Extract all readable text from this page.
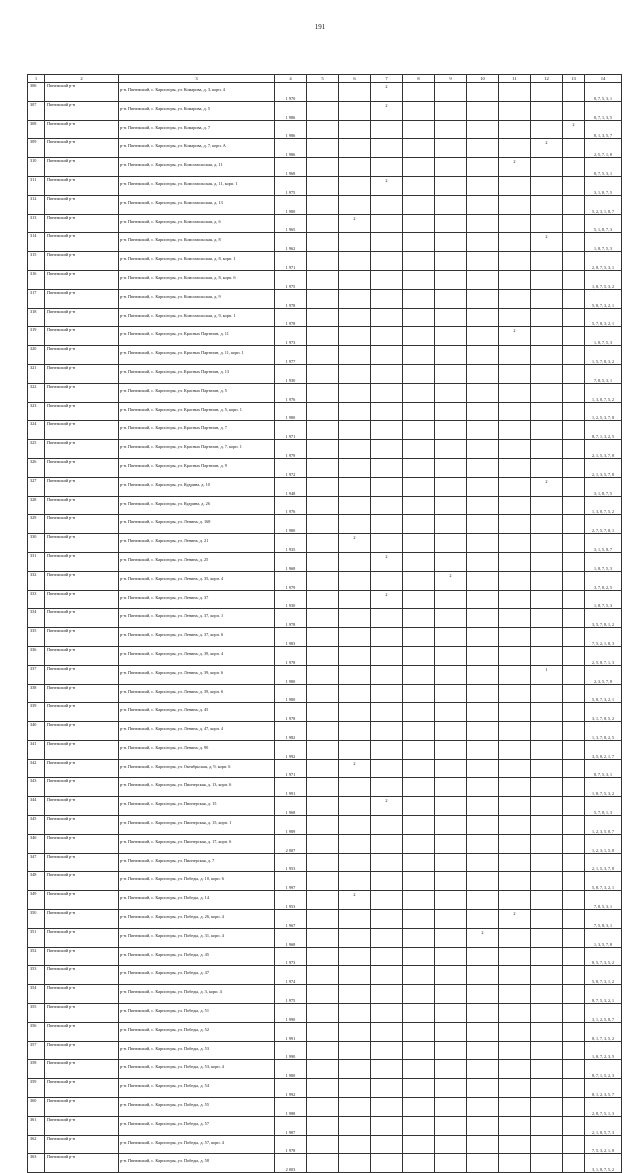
191
1	2	3	4	5	6	7	8	9	10	11	12	13	14
306	Пинежский р-н	р-н. Пинежский, с. Карпогоры, ул. Комарова, д. 3, корп. 4	1 970			2							8, 7, 5, 3, 1
307	Пинежский р-н	р-н. Пинежский, с. Карпогоры, ул. Комарова, д. 5	1 986			2							8, 7, 1, 3, 5
308	Пинежский р-н	р-н. Пинежский, с. Карпогоры, ул. Комарова, д. 7	1 986									2	8, 1, 3, 5, 7
309	Пинежский р-н	р-н. Пинежский, с. Карпогоры, ул. Комарова, д. 7, корп. А	1 986								2		2, 5, 7, 1, 8
310	Пинежский р-н	р-н. Пинежский, с. Карпогоры, ул. Комсомольская, д. 11	1 968							2			8, 7, 5, 3, 1
311	Пинежский р-н	р-н. Пинежский, с. Карпогоры, ул. Комсомольская, д. 11, корп. 1	1 975			2							3, 1, 8, 7, 5
312	Пинежский р-н	р-н. Пинежский, с. Карпогоры, ул. Комсомольская, д. 13	1 980										5, 2, 3, 1, 8, 7
313	Пинежский р-н	р-н. Пинежский, с. Карпогоры, ул. Комсомольская, д. 6	1 965		2								5, 1, 8, 7, 3
314	Пинежский р-н	р-н. Пинежский, с. Карпогоры, ул. Комсомольская, д. 8	1 962								2		1, 8, 7, 5, 3
315	Пинежский р-н	р-н. Пинежский, с. Карпогоры, ул. Комсомольская, д. 8, корп. 1	1 971										2, 8, 7, 5, 3, 1
316	Пинежский р-н	р-н. Пинежский, с. Карпогоры, ул. Комсомольская, д. 8, корп. 6	1 975										1, 8, 7, 5, 3, 2
317	Пинежский р-н	р-н. Пинежский, с. Карпогоры, ул. Комсомольская, д. 9	1 978										5, 8, 7, 3, 2, 1
318	Пинежский р-н	р-н. Пинежский, с. Карпогоры, ул. Комсомольская, д. 9, корп. 1	1 978										5, 7, 8, 3, 2, 1
319	Пинежский р-н	р-н. Пинежский, с. Карпогоры, ул. Красных Партизан, д. 11	1 973							2			1, 8, 7, 5, 3
320	Пинежский р-н	р-н. Пинежский, с. Карпогоры, ул. Красных Партизан, д. 11, корп. 1	1 977										1, 5, 7, 8, 3, 2
321	Пинежский р-н	р-н. Пинежский, с. Карпогоры, ул. Красных Партизан, д. 13	1 930										7, 8, 5, 3, 1
322	Пинежский р-н	р-н. Пинежский, с. Карпогоры, ул. Красных Партизан, д. 5	1 976										1, 3, 8, 7, 5, 2
323	Пинежский р-н	р-н. Пинежский, с. Карпогоры, ул. Красных Партизан, д. 5, корп. 1	1 980										1, 2, 5, 3, 7, 8
324	Пинежский р-н	р-н. Пинежский, с. Карпогоры, ул. Красных Партизан, д. 7	1 971										8, 7, 1, 3, 2, 5
325	Пинежский р-н	р-н. Пинежский, с. Карпогоры, ул. Красных Партизан, д. 7, корп. 1	1 979										2, 1, 5, 3, 7, 8
326	Пинежский р-н	р-н. Пинежский, с. Карпогоры, ул. Красных Партизан, д. 9	1 972										2, 1, 3, 5, 7, 8
327	Пинежский р-н	р-н. Пинежский, с. Карпогоры, ул. Кудрина, д. 10	1 948								2		3, 1, 8, 7, 5
328	Пинежский р-н	р-н. Пинежский, с. Карпогоры, ул. Кудрина, д. 26	1 976										1, 3, 8, 7, 5, 2
329	Пинежский р-н	р-н. Пинежский, с. Карпогоры, ул. Ленина, д. 168	1 980										2, 7, 5, 7, 8, 1
330	Пинежский р-н	р-н. Пинежский, с. Карпогоры, ул. Ленина, д. 21	1 935		2								3, 1, 5, 8, 7
331	Пинежский р-н	р-н. Пинежский, с. Карпогоры, ул. Ленина, д. 25	1 968			2							1, 8, 7, 5, 3
332	Пинежский р-н	р-н. Пинежский, с. Карпогоры, ул. Ленина, д. 35, корп. 4	1 979					2					3, 7, 8, 2, 5
333	Пинежский р-н	р-н. Пинежский, с. Карпогоры, ул. Ленина, д. 37	1 930			2							1, 8, 7, 5, 3
334	Пинежский р-н	р-н. Пинежский, с. Карпогоры, ул. Ленина, д. 37, корп. 1	1 978										3, 5, 7, 8, 1, 2
335	Пинежский р-н	р-н. Пинежский, с. Карпогоры, ул. Ленина, д. 37, корп. 6	1 983										7, 5, 2, 1, 8, 3
336	Пинежский р-н	р-н. Пинежский, с. Карпогоры, ул. Ленина, д. 39, корп. 4	1 978										2, 5, 8, 7, 1, 3
337	Пинежский р-н	р-н. Пинежский, с. Карпогоры, ул. Ленина, д. 39, корп. 6	1 980								1		2, 3, 5, 7, 8
338	Пинежский р-н	р-н. Пинежский, с. Карпогоры, ул. Ленина, д. 39, корп. 6	1 980										5, 8, 7, 3, 2, 1
339	Пинежский р-н	р-н. Пинежский, с. Карпогоры, ул. Ленина, д. 45	1 978										3, 1, 7, 8, 5, 2
340	Пинежский р-н	р-н. Пинежский, с. Карпогоры, ул. Ленина, д. 47, корп. 4	1 982										1, 3, 7, 8, 2, 5
341	Пинежский р-н	р-н. Пинежский, с. Карпогоры, ул. Ленина, д. 90	1 992										3, 5, 8, 2, 1, 7
342	Пинежский р-н	р-н. Пинежский, с. Карпогоры, ул. Октябрьская, д. 9, корп. 6	1 971		2								8, 7, 5, 3, 1
343	Пинежский р-н	р-н. Пинежский, с. Карпогоры, ул. Пионерская, д. 13, корп. 6	1 991										1, 8, 7, 5, 3, 2
344	Пинежский р-н	р-н. Пинежский, с. Карпогоры, ул. Пионерская, д. 15	1 968			2							5, 7, 8, 1, 3
345	Пинежский р-н	р-н. Пинежский, с. Карпогоры, ул. Пионерская, д. 15, корп. 1	1 989										1, 2, 3, 5, 8, 7
346	Пинежский р-н	р-н. Пинежский, с. Карпогоры, ул. Пионерская, д. 17, корп. 6	2 007										1, 2, 3, 1, 5, 8
347	Пинежский р-н	р-н. Пинежский, с. Карпогоры, ул. Пионерская, д. 7	1 953										2, 1, 5, 3, 7, 8
348	Пинежский р-н	р-н. Пинежский, с. Карпогоры, ул. Победы, д. 10, корп. 6	1 997										5, 8, 7, 3, 2, 1
349	Пинежский р-н	р-н. Пинежский, с. Карпогоры, ул. Победы, д. 14	1 953		2								7, 8, 5, 3, 1
350	Пинежский р-н	р-н. Пинежский, с. Карпогоры, ул. Победы, д. 26, корп. 4	1 967							2			7, 5, 8, 3, 1
351	Пинежский р-н	р-н. Пинежский, с. Карпогоры, ул. Победы, д. 31, корп. 4	1 968						2				1, 3, 5, 7, 8
352	Пинежский р-н	р-н. Пинежский, с. Карпогоры, ул. Победы, д. 45	1 973										8, 5, 7, 3, 5, 2
353	Пинежский р-н	р-н. Пинежский, с. Карпогоры, ул. Победы, д. 47	1 974										5, 8, 7, 3, 1, 2
354	Пинежский р-н	р-н. Пинежский, с. Карпогоры, ул. Победы, д. 3, корп. 4	1 975										8, 7, 5, 3, 2, 1
355	Пинежский р-н	р-н. Пинежский, с. Карпогоры, ул. Победы, д. 51	1 990										3, 1, 2, 5, 8, 7
356	Пинежский р-н	р-н. Пинежский, с. Карпогоры, ул. Победы, д. 52	1 991										8, 1, 7, 3, 5, 2
357	Пинежский р-н	р-н. Пинежский, с. Карпогоры, ул. Победы, д. 53	1 990										1, 8, 7, 2, 3, 5
358	Пинежский р-н	р-н. Пинежский, с. Карпогоры, ул. Победы, д. 53, корп. 4	1 980										8, 7, 1, 5, 2, 3
359	Пинежский р-н	р-н. Пинежский, с. Карпогоры, ул. Победы, д. 54	1 992										8, 1, 2, 3, 5, 7
360	Пинежский р-н	р-н. Пинежский, с. Карпогоры, ул. Победы, д. 55	1 988										2, 8, 7, 5, 1, 3
361	Пинежский р-н	р-н. Пинежский, с. Карпогоры, ул. Победы, д. 57	1 987										2, 1, 8, 5, 7, 3
362	Пинежский р-н	р-н. Пинежский, с. Карпогоры, ул. Победы, д. 57, корп. 4	1 978										7, 5, 3, 2, 1, 8
363	Пинежский р-н	р-н. Пинежский, с. Карпогоры, ул. Победы, д. 58	2 003										3, 1, 8, 7, 5, 2
